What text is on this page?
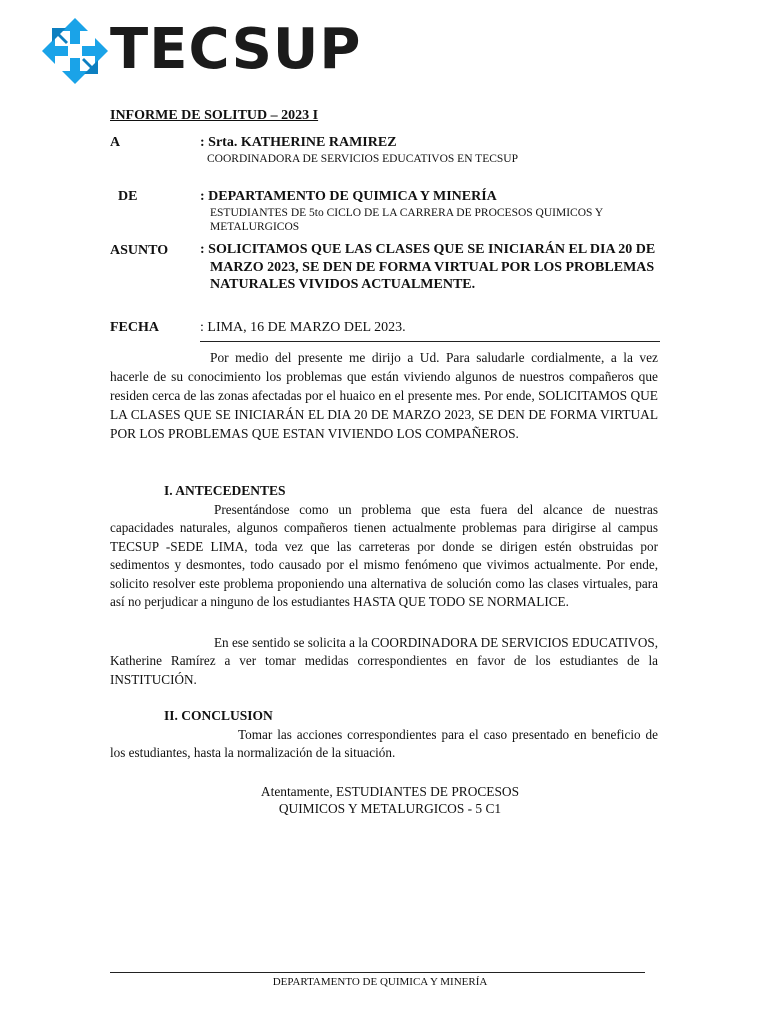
TECSUP
INFORME DE SOLITUD – 2023 I
A	: Srta. KATHERINE RAMIREZ
COORDINADORA DE SERVICIOS EDUCATIVOS EN TECSUP
DE	: DEPARTAMENTO DE QUIMICA Y MINERÍA
ESTUDIANTES DE 5to CICLO DE LA CARRERA DE PROCESOS QUIMICOS Y
METALURGICOS
ASUNTO : SOLICITAMOS QUE LAS CLASES QUE SE INICIARÁN EL DIA 20 DE
MARZO 2023, SE DEN DE FORMA VIRTUAL POR LOS PROBLEMAS
NATURALES VIVIDOS ACTUALMENTE.
FECHA	: LIMA, 16 DE MARZO DEL 2023.
Por medio del presente me dirijo a Ud. Para saludarle cordialmente, a la vez hacerle de su conocimiento los problemas que están viviendo algunos de nuestros compañeros que residen cerca de las zonas afectadas por el huaico en el presente mes. Por ende, SOLICITAMOS QUE LA CLASES QUE SE INICIARÁN EL DIA 20 DE MARZO 2023, SE DEN DE FORMA VIRTUAL POR LOS PROBLEMAS QUE ESTAN VIVIENDO LOS COMPAÑEROS.
I. ANTECEDENTES
Presentándose como un problema que esta fuera del alcance de nuestras capacidades naturales, algunos compañeros tienen actualmente problemas para dirigirse al campus TECSUP -SEDE LIMA, toda vez que las carreteras por donde se dirigen estén obstruidas por sedimentos y desmontes, todo causado por el mismo fenómeno que vivimos actualmente. Por ende, solicito resolver este problema proponiendo una alternativa de solución como las clases virtuales, para así no perjudicar a ninguno de los estudiantes HASTA QUE TODO SE NORMALICE.
En ese sentido se solicita a la COORDINADORA DE SERVICIOS EDUCATIVOS, Katherine Ramírez a ver tomar medidas correspondientes en favor de los estudiantes de la INSTITUCIÓN.
II. CONCLUSION
Tomar las acciones correspondientes para el caso presentado en beneficio de los estudiantes, hasta la normalización de la situación.
Atentamente, ESTUDIANTES DE PROCESOS
QUIMICOS Y METALURGICOS - 5 C1
DEPARTAMENTO DE QUIMICA Y MINERÍA
